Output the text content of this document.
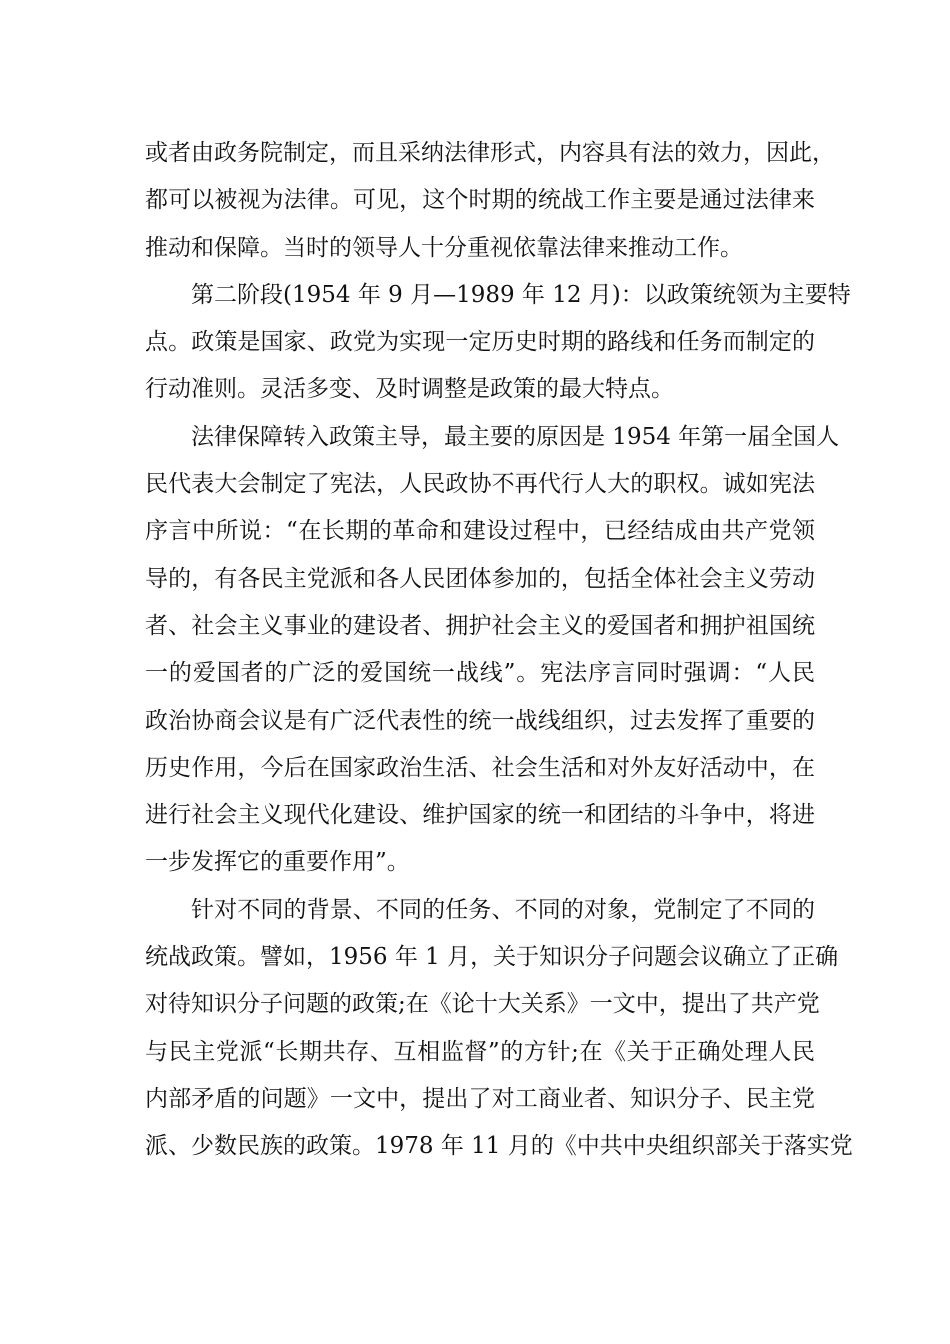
或者由政务院制定，而且采纳法律形式，内容具有法的效力，因此，
都可以被视为法律。可见，这个时期的统战工作主要是通过法律来
推动和保障。当时的领导人十分重视依靠法律来推动工作。
第二阶段(1954 年 9 月—1989 年 12 月)：以政策统领为主要特
点。政策是国家、政党为实现一定历史时期的路线和任务而制定的
行动准则。灵活多变、及时调整是政策的最大特点。
法律保障转入政策主导，最主要的原因是 1954 年第一届全国人
民代表大会制定了宪法，人民政协不再代行人大的职权。诚如宪法
序言中所说：“在长期的革命和建设过程中，已经结成由共产党领
导的，有各民主党派和各人民团体参加的，包括全体社会主义劳动
者、社会主义事业的建设者、拥护社会主义的爱国者和拥护祖国统
一的爱国者的广泛的爱国统一战线”。宪法序言同时强调：“人民
政治协商会议是有广泛代表性的统一战线组织，过去发挥了重要的
历史作用，今后在国家政治生活、社会生活和对外友好活动中，在
进行社会主义现代化建设、维护国家的统一和团结的斗争中，将进
一步发挥它的重要作用”。
针对不同的背景、不同的任务、不同的对象，党制定了不同的
统战政策。譬如，1956 年 1 月，关于知识分子问题会议确立了正确
对待知识分子问题的政策;在《论十大关系》一文中，提出了共产党
与民主党派“长期共存、互相监督”的方针;在《关于正确处理人民
内部矛盾的问题》一文中，提出了对工商业者、知识分子、民主党
派、少数民族的政策。1978 年 11 月的《中共中央组织部关于落实党
